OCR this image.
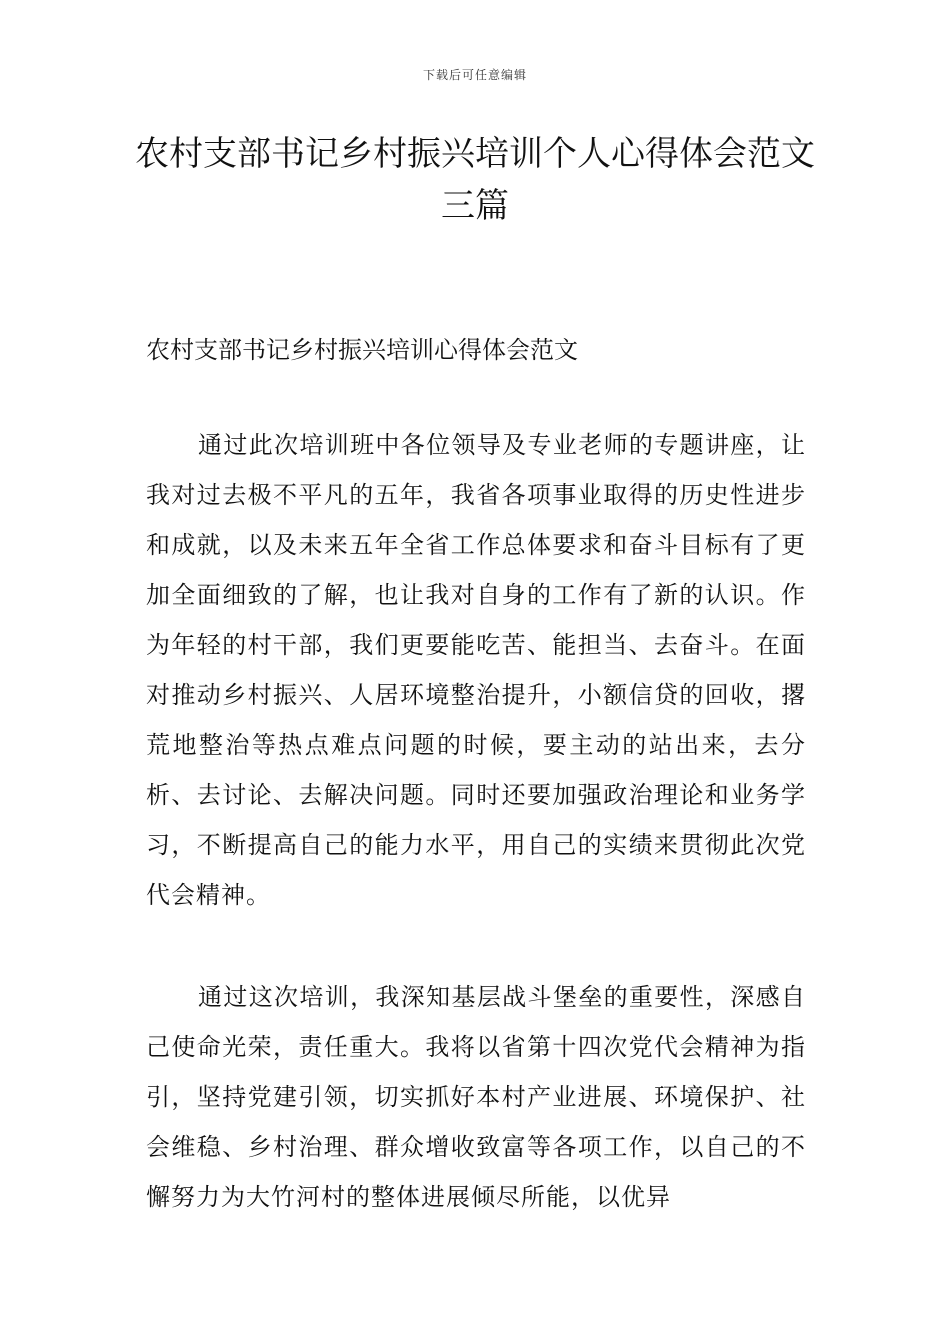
下载后可任意编辑
农村支部书记乡村振兴培训个人心得体会范文三篇
农村支部书记乡村振兴培训心得体会范文

通过此次培训班中各位领导及专业老师的专题讲座，让我对过去极不平凡的五年，我省各项事业取得的历史性进步和成就，以及未来五年全省工作总体要求和奋斗目标有了更加全面细致的了解，也让我对自身的工作有了新的认识。作为年轻的村干部，我们更要能吃苦、能担当、去奋斗。在面对推动乡村振兴、人居环境整治提升，小额信贷的回收，撂荒地整治等热点难点问题的时候，要主动的站出来，去分析、去讨论、去解决问题。同时还要加强政治理论和业务学习，不断提高自己的能力水平，用自己的实绩来贯彻此次党代会精神。

通过这次培训，我深知基层战斗堡垒的重要性，深感自己使命光荣，责任重大。我将以省第十四次党代会精神为指引，坚持党建引领，切实抓好本村产业进展、环境保护、社会维稳、乡村治理、群众增收致富等各项工作，以自己的不懈努力为大竹河村的整体进展倾尽所能，以优异
